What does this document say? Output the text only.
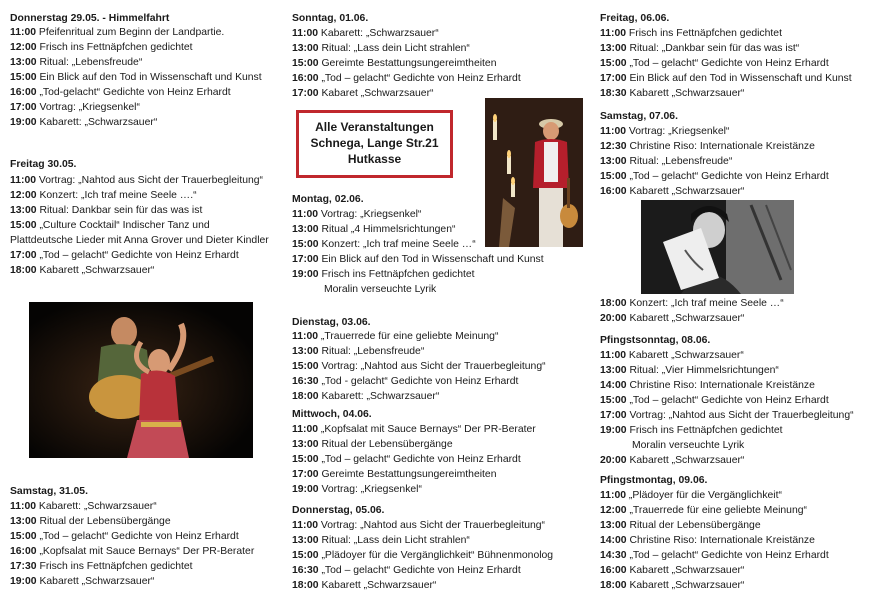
Donnerstag 29.05. - Himmelfahrt
11:00 Pfeifenritual zum Beginn der Landpartie.
12:00 Frisch ins Fettnäpfchen gedichtet
13:00 Ritual: „Lebensfreude“
15:00 Ein Blick auf den Tod in Wissenschaft und Kunst
16:00 „Tod-gelacht“ Gedichte von Heinz Erhardt
17:00 Vortrag: „Kriegsenkel“
19:00 Kabarett: „Schwarzsauer“
Freitag 30.05.
11:00 Vortrag: „Nahtod aus Sicht der Trauerbegleitung“
12:00 Konzert: „Ich traf meine Seele ….“
13:00 Ritual: Dankbar sein für das was ist
15:00 „Culture Cocktail“ Indischer Tanz und
Plattdeutsche Lieder mit Anna Grover und Dieter Kindler
17:00 „Tod – gelacht“ Gedichte von Heinz Erhardt
18:00 Kabarett „Schwarzsauer“
Samstag, 31.05.
11:00 Kabarett: „Schwarzsauer“
13:00 Ritual der Lebensübergänge
15:00 „Tod – gelacht“ Gedichte von Heinz Erhardt
16:00 „Kopfsalat mit Sauce Bernays“ Der PR-Berater
17:30 Frisch ins Fettnäpfchen gedichtet
19:00 Kabarett „Schwarzsauer“
Sonntag, 01.06.
11:00 Kabarett: „Schwarzsauer“
13:00 Ritual: „Lass dein Licht strahlen“
15:00 Gereimte Bestattungsungereimtheiten
16:00 „Tod – gelacht“ Gedichte von Heinz Erhardt
17:00 Kabaret „Schwarzsauer“
Alle Veranstaltungen
Schnega, Lange Str.21
Hutkasse
Montag, 02.06.
11:00 Vortrag: „Kriegsenkel“
13:00 Ritual „4 Himmelsrichtungen“
15:00 Konzert: „Ich traf meine Seele …“
17:00 Ein Blick auf den Tod in Wissenschaft und Kunst
19:00 Frisch ins Fettnäpfchen gedichtet
Moralin verseuchte Lyrik
Dienstag, 03.06.
11:00 „Trauerrede für eine geliebte Meinung“
13:00 Ritual: „Lebensfreude“
15:00 Vortrag: „Nahtod aus Sicht der Trauerbegleitung“
16:30 „Tod - gelacht“ Gedichte von Heinz Erhardt
18:00 Kabarett: „Schwarzsauer“
Mittwoch, 04.06.
11:00 „Kopfsalat mit Sauce Bernays“ Der PR-Berater
13:00 Ritual der Lebensübergänge
15:00 „Tod – gelacht“ Gedichte von Heinz Erhardt
17:00 Gereimte Bestattungsungereimtheiten
19:00 Vortrag: „Kriegsenkel“
Donnerstag, 05.06.
11:00 Vortrag: „Nahtod aus Sicht der Trauerbegleitung“
13:00 Ritual: „Lass dein Licht strahlen“
15:00 „Plädoyer für die Vergänglichkeit“ Bühnenmonolog
16:30 „Tod – gelacht“ Gedichte von Heinz Erhardt
18:00 Kabarett „Schwarzsauer“
Freitag, 06.06.
11:00 Frisch ins Fettnäpfchen gedichtet
13:00 Ritual: „Dankbar sein für das was ist“
15:00 „Tod – gelacht“ Gedichte von Heinz Erhardt
17:00 Ein Blick auf den Tod in Wissenschaft und Kunst
18:30 Kabarett „Schwarzsauer“
Samstag, 07.06.
11:00 Vortrag: „Kriegsenkel“
12:30 Christine Riso: Internationale Kreistänze
13:00 Ritual: „Lebensfreude“
15:00 „Tod – gelacht“ Gedichte von Heinz Erhardt
16:00 Kabarett „Schwarzsauer“
18:00 Konzert: „Ich traf meine Seele …“
20:00 Kabarett „Schwarzsauer“
Pfingstsonntag, 08.06.
11:00 Kabarett „Schwarzsauer“
13:00 Ritual: „Vier Himmelsrichtungen“
14:00 Christine Riso: Internationale Kreistänze
15:00 „Tod – gelacht“ Gedichte von Heinz Erhardt
17:00 Vortrag: „Nahtod aus Sicht der Trauerbegleitung“
19:00 Frisch ins Fettnäpfchen gedichtet
Moralin verseuchte Lyrik
20:00 Kabarett „Schwarzsauer“
Pfingstmontag, 09.06.
11:00 „Plädoyer für die Vergänglichkeit“
12:00 „Trauerrede für eine geliebte Meinung“
13:00 Ritual der Lebensübergänge
14:00 Christine Riso: Internationale Kreistänze
14:30 „Tod – gelacht“ Gedichte von Heinz Erhardt
16:00 Kabarett „Schwarzsauer“
18:00 Kabarett „Schwarzsauer“
